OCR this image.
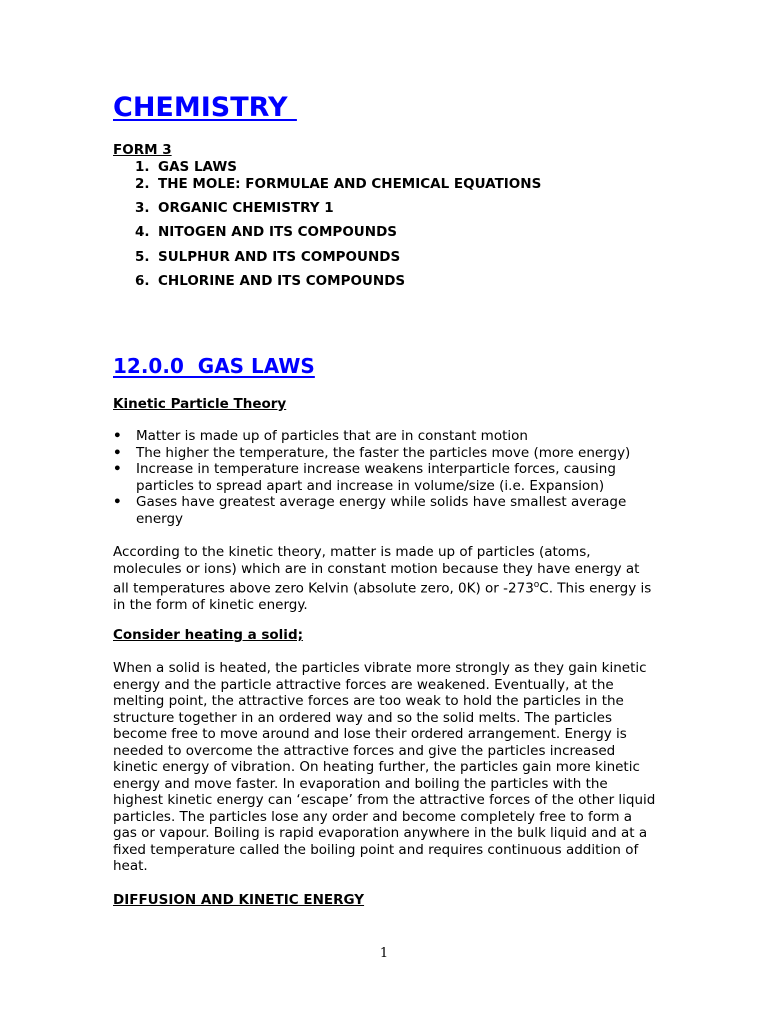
CHEMISTRY
FORM 3
1. GAS LAWS
2. THE MOLE: FORMULAE AND CHEMICAL EQUATIONS
3. ORGANIC CHEMISTRY 1
4. NITOGEN AND ITS COMPOUNDS
5. SULPHUR AND ITS COMPOUNDS
6. CHLORINE AND ITS COMPOUNDS
12.0.0  GAS LAWS
Kinetic Particle Theory
• Matter is made up of particles that are in constant motion
• The higher the temperature, the faster the particles move (more energy)
• Increase in temperature increase weakens interparticle forces, causing particles to spread apart and increase in volume/size (i.e. Expansion)
• Gases have greatest average energy while solids have smallest average energy

According to the kinetic theory, matter is made up of particles (atoms, molecules or ions) which are in constant motion because they have energy at all temperatures above zero Kelvin (absolute zero, 0K) or -273$^o$C. This energy is in the form of kinetic energy.

Consider heating a solid;

When a solid is heated, the particles vibrate more strongly as they gain kinetic energy and the particle attractive forces are weakened. Eventually, at the melting point, the attractive forces are too weak to hold the particles in the structure together in an ordered way and so the solid melts. The particles become free to move around and lose their ordered arrangement. Energy is needed to overcome the attractive forces and give the particles increased kinetic energy of vibration. On heating further, the particles gain more kinetic energy and move faster. In evaporation and boiling the particles with the highest kinetic energy can ‘escape’ from the attractive forces of the other liquid particles. The particles lose any order and become completely free to form a gas or vapour. Boiling is rapid evaporation anywhere in the bulk liquid and at a fixed temperature called the boiling point and requires continuous addition of heat.

DIFFUSION AND KINETIC ENERGY
1
